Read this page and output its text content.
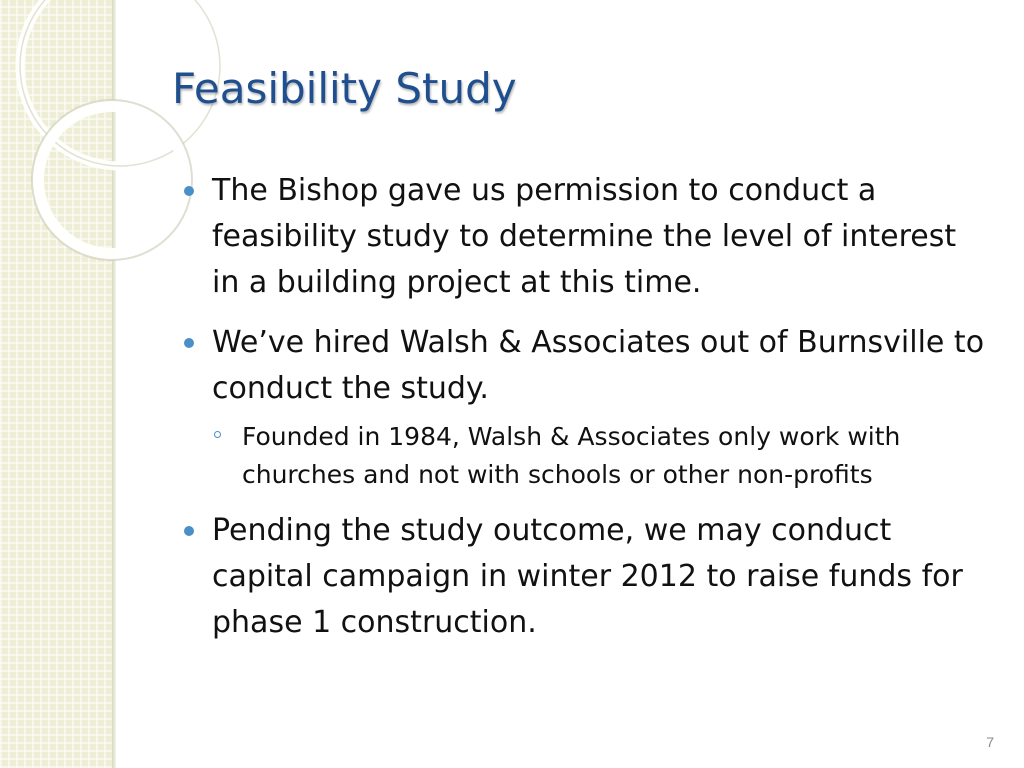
Feasibility Study
The Bishop gave us permission to conduct a feasibility study to determine the level of interest in a building project at this time.
We’ve hired Walsh & Associates out of Burnsville to conduct the study.
Founded in 1984, Walsh & Associates only work with churches and not with schools or other non-profits
Pending the study outcome, we may conduct capital campaign in winter 2012 to raise funds for phase 1 construction.
7
